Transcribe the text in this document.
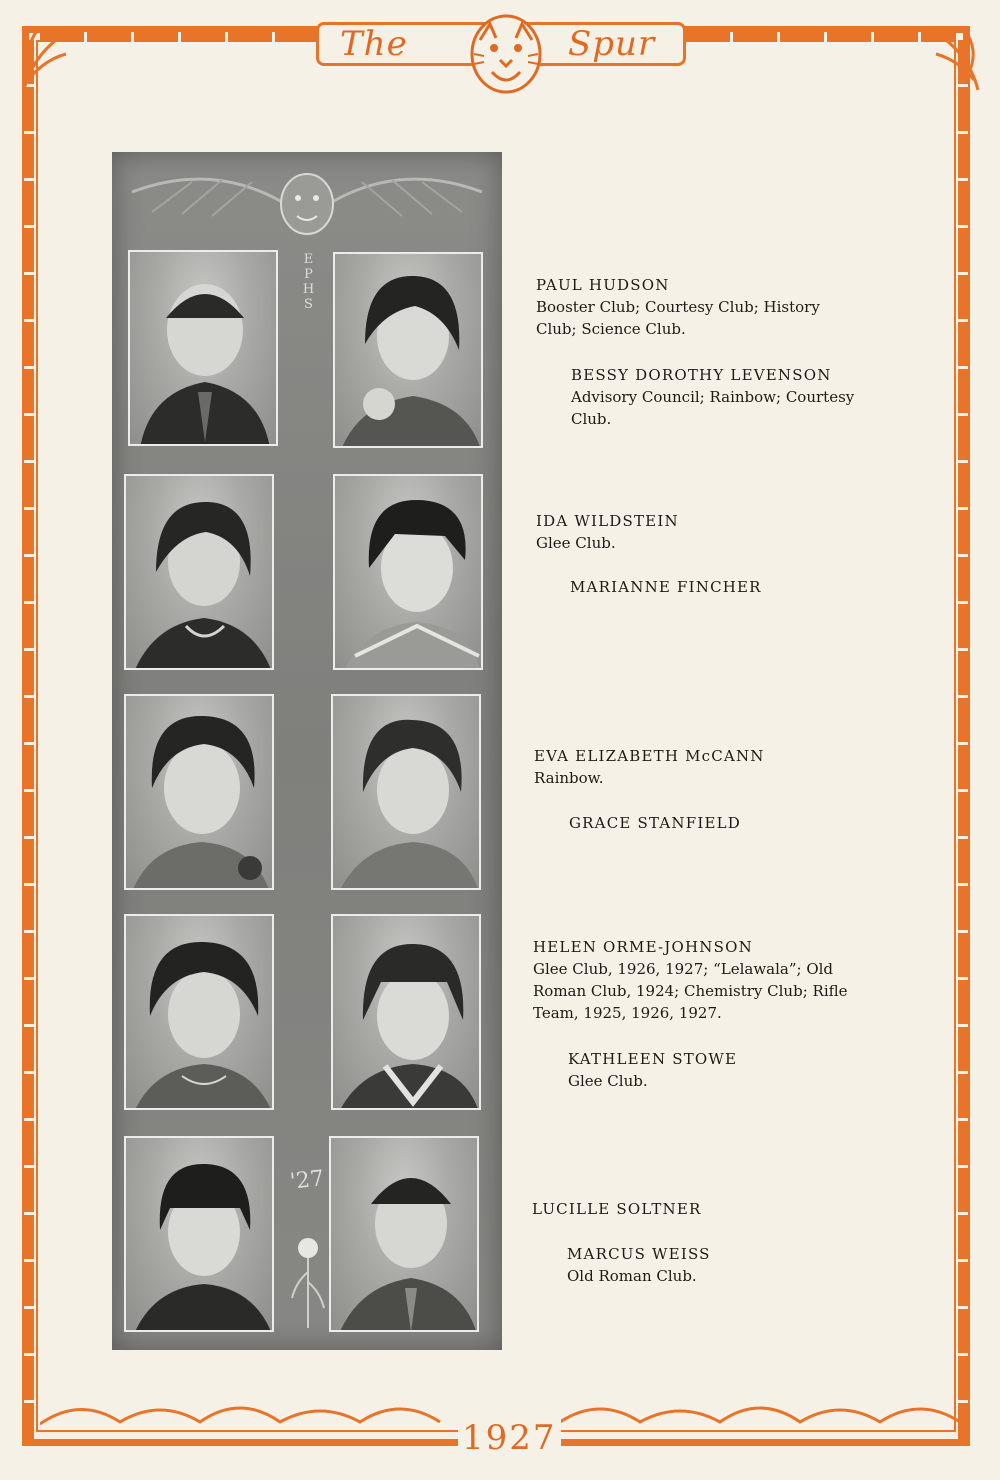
The	Spur
EPHS
'27
PAUL HUDSON
Booster Club; Courtesy Club; History
Club; Science Club.
BESSY DOROTHY LEVENSON
Advisory Council; Rainbow; Courtesy
Club.
IDA WILDSTEIN
Glee Club.
MARIANNE FINCHER
EVA ELIZABETH McCANN
Rainbow.
GRACE STANFIELD
HELEN ORME-JOHNSON
Glee Club, 1926, 1927; “Lelawala”; Old
Roman Club, 1924; Chemistry Club; Rifle
Team, 1925, 1926, 1927.
KATHLEEN STOWE
Glee Club.
LUCILLE SOLTNER
MARCUS WEISS
Old Roman Club.
1927
